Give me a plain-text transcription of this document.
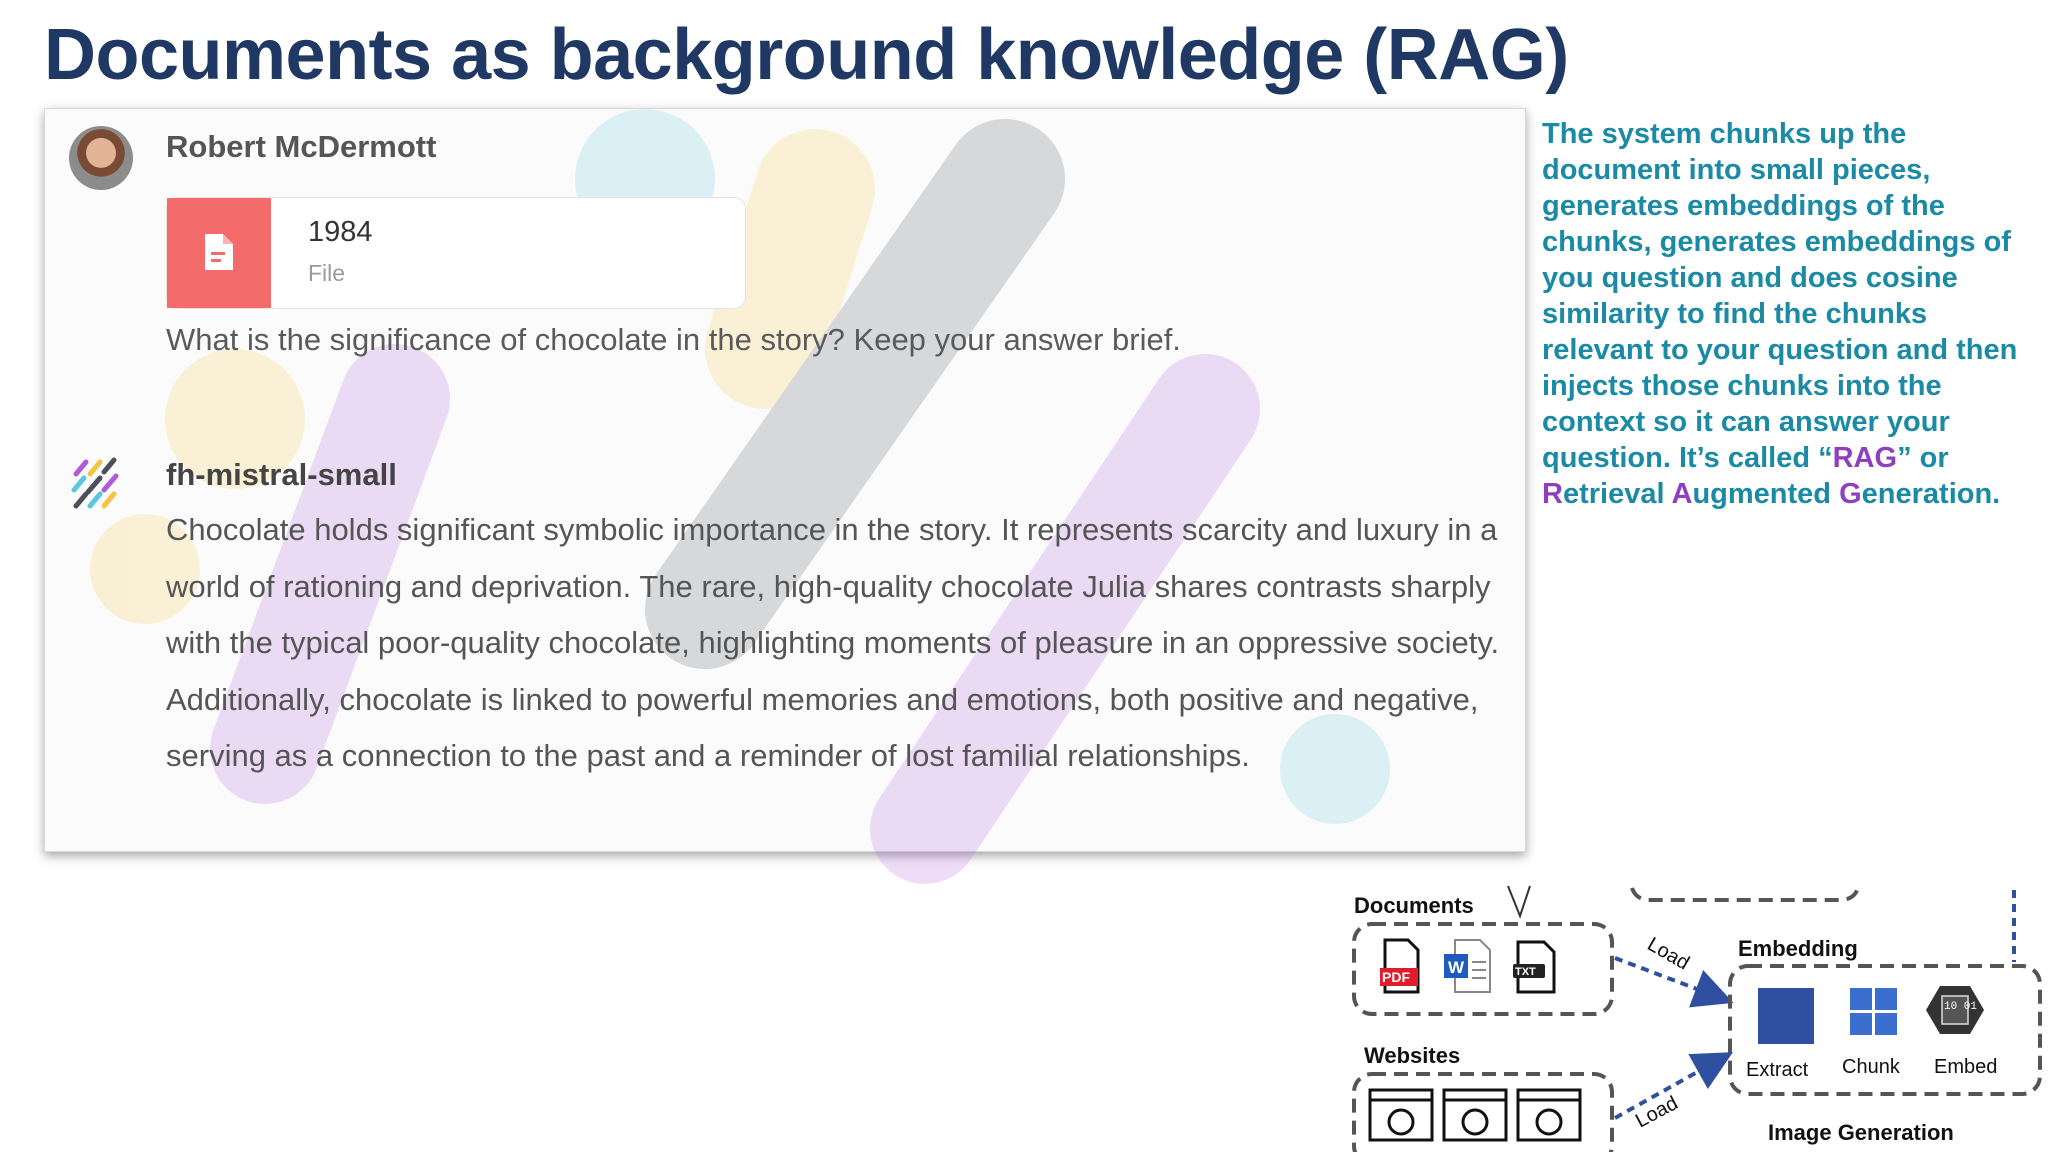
Documents as background knowledge (RAG)
Robert McDermott
1984
File
What is the significance of chocolate in the story? Keep your answer brief.
fh-mistral-small
Chocolate holds significant symbolic importance in the story. It represents scarcity and luxury in a world of rationing and deprivation. The rare, high-quality chocolate Julia shares contrasts sharply with the typical poor-quality chocolate, highlighting moments of pleasure in an oppressive society. Additionally, chocolate is linked to powerful memories and emotions, both positive and negative, serving as a connection to the past and a reminder of lost familial relationships.
The system chunks up the document into small pieces, generates embeddings of the chunks, generates embeddings of you question and does cosine similarity to find the chunks relevant to your question and then injects those chunks into the context so it can answer your question. It’s called “RAG” or Retrieval Augmented Generation.
Documents
PDF W	TXT
Websites
Load
Load
Embedding
Extract Chunk
10 01
Embed
Image Generation
